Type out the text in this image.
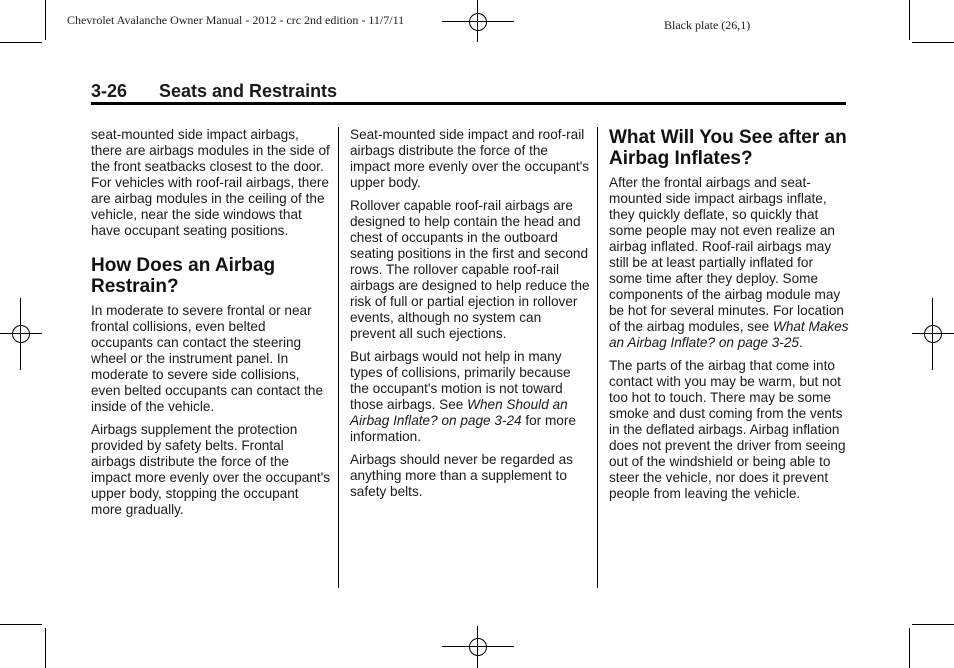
Chevrolet Avalanche Owner Manual - 2012 - crc 2nd edition - 11/7/11	Black plate (26,1)
3-26 Seats and Restraints

seat-mounted side impact airbags, there are airbags modules in the side of the front seatbacks closest to the door. For vehicles with roof-rail airbags, there are airbag modules in the ceiling of the vehicle, near the side windows that have occupant seating positions.

How Does an Airbag Restrain?

In moderate to severe frontal or near frontal collisions, even belted occupants can contact the steering wheel or the instrument panel. In moderate to severe side collisions, even belted occupants can contact the inside of the vehicle.

Airbags supplement the protection provided by safety belts. Frontal airbags distribute the force of the impact more evenly over the occupant's upper body, stopping the occupant more gradually.

Seat-mounted side impact and roof-rail airbags distribute the force of the impact more evenly over the occupant's upper body.

Rollover capable roof-rail airbags are designed to help contain the head and chest of occupants in the outboard seating positions in the first and second rows. The rollover capable roof-rail airbags are designed to help reduce the risk of full or partial ejection in rollover events, although no system can prevent all such ejections.

But airbags would not help in many types of collisions, primarily because the occupant's motion is not toward those airbags. See When Should an Airbag Inflate? on page 3-24 for more information.

Airbags should never be regarded as anything more than a supplement to safety belts.

What Will You See after an Airbag Inflates?

After the frontal airbags and seat-mounted side impact airbags inflate, they quickly deflate, so quickly that some people may not even realize an airbag inflated. Roof-rail airbags may still be at least partially inflated for some time after they deploy. Some components of the airbag module may be hot for several minutes. For location of the airbag modules, see What Makes an Airbag Inflate? on page 3-25.

The parts of the airbag that come into contact with you may be warm, but not too hot to touch. There may be some smoke and dust coming from the vents in the deflated airbags. Airbag inflation does not prevent the driver from seeing out of the windshield or being able to steer the vehicle, nor does it prevent people from leaving the vehicle.
